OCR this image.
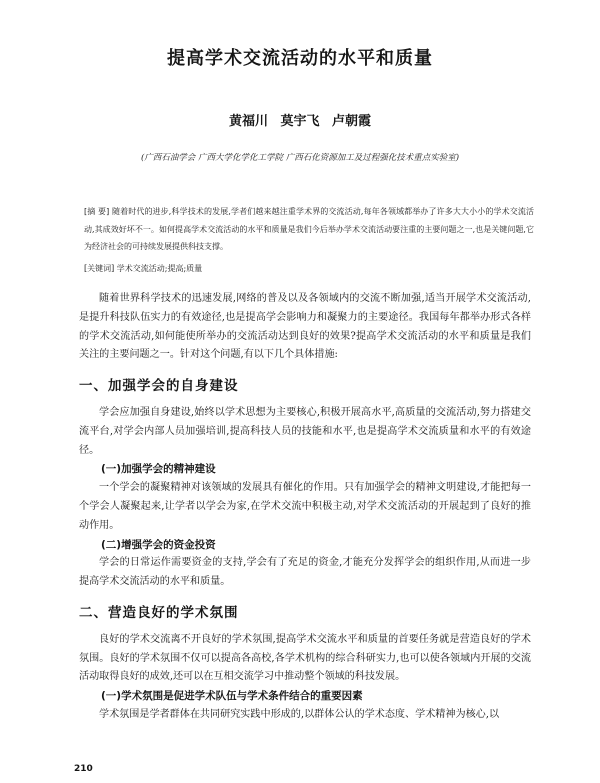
提高学术交流活动的水平和质量
黄福川 莫宇飞 卢朝霞
(广西石油学会 广西大学化学化工学院 广西石化资源加工及过程强化技术重点实验室)
[摘 要] 随着时代的进步,科学技术的发展,学者们越来越注重学术界的交流活动,每年各领域都举办了许多大大小小的学术交流活动,其成效好坏不一。如何提高学术交流活动的水平和质量是我们今后举办学术交流活动要注重的主要问题之一,也是关键问题,它为经济社会的可持续发展提供科技支撑。
[关键词] 学术交流活动;提高;质量

随着世界科学技术的迅速发展,网络的普及以及各领域内的交流不断加强,适当开展学术交流活动,是提升科技队伍实力的有效途径,也是提高学会影响力和凝聚力的主要途径。我国每年都举办形式各样的学术交流活动,如何能使所举办的交流活动达到良好的效果?提高学术交流活动的水平和质量是我们关注的主要问题之一。针对这个问题,有以下几个具体措施:

一、加强学会的自身建设

学会应加强自身建设,始终以学术思想为主要核心,积极开展高水平,高质量的交流活动,努力搭建交流平台,对学会内部人员加强培训,提高科技人员的技能和水平,也是提高学术交流质量和水平的有效途径。

(一)加强学会的精神建设

一个学会的凝聚精神对该领域的发展具有催化的作用。只有加强学会的精神文明建设,才能把每一个学会人凝聚起来,让学者以学会为家,在学术交流中积极主动,对学术交流活动的开展起到了良好的推动作用。

(二)增强学会的资金投资

学会的日常运作需要资金的支持,学会有了充足的资金,才能充分发挥学会的组织作用,从而进一步提高学术交流活动的水平和质量。

二、营造良好的学术氛围

良好的学术交流离不开良好的学术氛围,提高学术交流水平和质量的首要任务就是营造良好的学术氛围。良好的学术氛围不仅可以提高各高校,各学术机构的综合科研实力,也可以使各领域内开展的交流活动取得良好的成效,还可以在互相交流学习中推动整个领域的科技发展。

(一)学术氛围是促进学术队伍与学术条件结合的重要因素

学术氛围是学者群体在共同研究实践中形成的,以群体公认的学术态度、学术精神为核心,以

210
